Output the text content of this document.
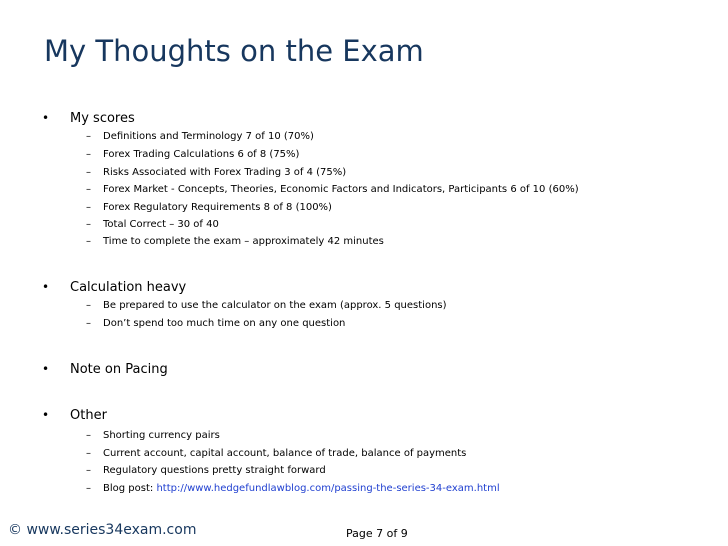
My Thoughts on the Exam
• My scores
– Definitions and Terminology 7 of 10 (70%)
– Forex Trading Calculations 6 of 8 (75%)
– Risks Associated with Forex Trading 3 of 4 (75%)
– Forex Market - Concepts, Theories, Economic Factors and Indicators, Participants 6 of 10 (60%)
– Forex Regulatory Requirements 8 of 8 (100%)
– Total Correct – 30 of 40
– Time to complete the exam – approximately 42 minutes
• Calculation heavy
– Be prepared to use the calculator on the exam (approx. 5 questions)
– Don’t spend too much time on any one question
• Note on Pacing
• Other
– Shorting currency pairs
– Current account, capital account, balance of trade, balance of payments
– Regulatory questions pretty straight forward
– Blog post: http://www.hedgefundlawblog.com/passing-the-series-34-exam.html
© www.series34exam.com	Page 7 of 9
